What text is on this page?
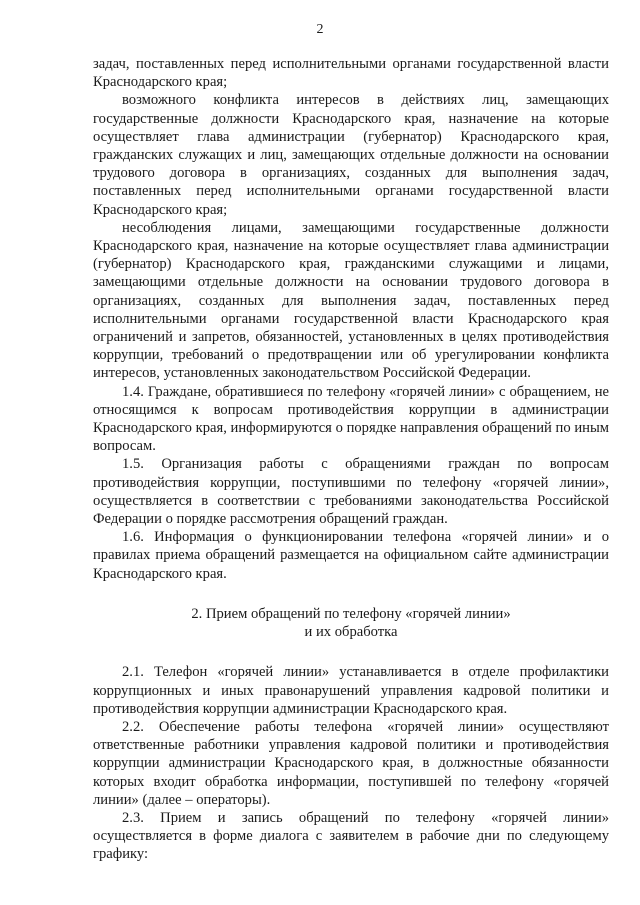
2

задач, поставленных перед исполнительными органами государственной власти Краснодарского края;

возможного конфликта интересов в действиях лиц, замещающих государственные должности Краснодарского края, назначение на которые осуществляет глава администрации (губернатор) Краснодарского края, гражданских служащих и лиц, замещающих отдельные должности на основании трудового договора в организациях, созданных для выполнения задач, поставленных перед исполнительными органами государственной власти Краснодарского края;

несоблюдения лицами, замещающими государственные должности Краснодарского края, назначение на которые осуществляет глава администрации (губернатор) Краснодарского края, гражданскими служащими и лицами, замещающими отдельные должности на основании трудового договора в организациях, созданных для выполнения задач, поставленных перед исполнительными органами государственной власти Краснодарского края ограничений и запретов, обязанностей, установленных в целях противодействия коррупции, требований о предотвращении или об урегулировании конфликта интересов, установленных законодательством Российской Федерации.

1.4. Граждане, обратившиеся по телефону «горячей линии» с обращением, не относящимся к вопросам противодействия коррупции в администрации Краснодарского края, информируются о порядке направления обращений по иным вопросам.

1.5. Организация работы с обращениями граждан по вопросам противодействия коррупции, поступившими по телефону «горячей линии», осуществляется в соответствии с требованиями законодательства Российской Федерации о порядке рассмотрения обращений граждан.

1.6. Информация о функционировании телефона «горячей линии» и о правилах приема обращений размещается на официальном сайте администрации Краснодарского края.

2. Прием обращений по телефону «горячей линии»
и их обработка

2.1. Телефон «горячей линии» устанавливается в отделе профилактики коррупционных и иных правонарушений управления кадровой политики и противодействия коррупции администрации Краснодарского края.

2.2. Обеспечение работы телефона «горячей линии» осуществляют ответственные работники управления кадровой политики и противодействия коррупции администрации Краснодарского края, в должностные обязанности которых входит обработка информации, поступившей по телефону «горячей линии» (далее – операторы).

2.3. Прием и запись обращений по телефону «горячей линии» осуществляется в форме диалога с заявителем в рабочие дни по следующему графику:
